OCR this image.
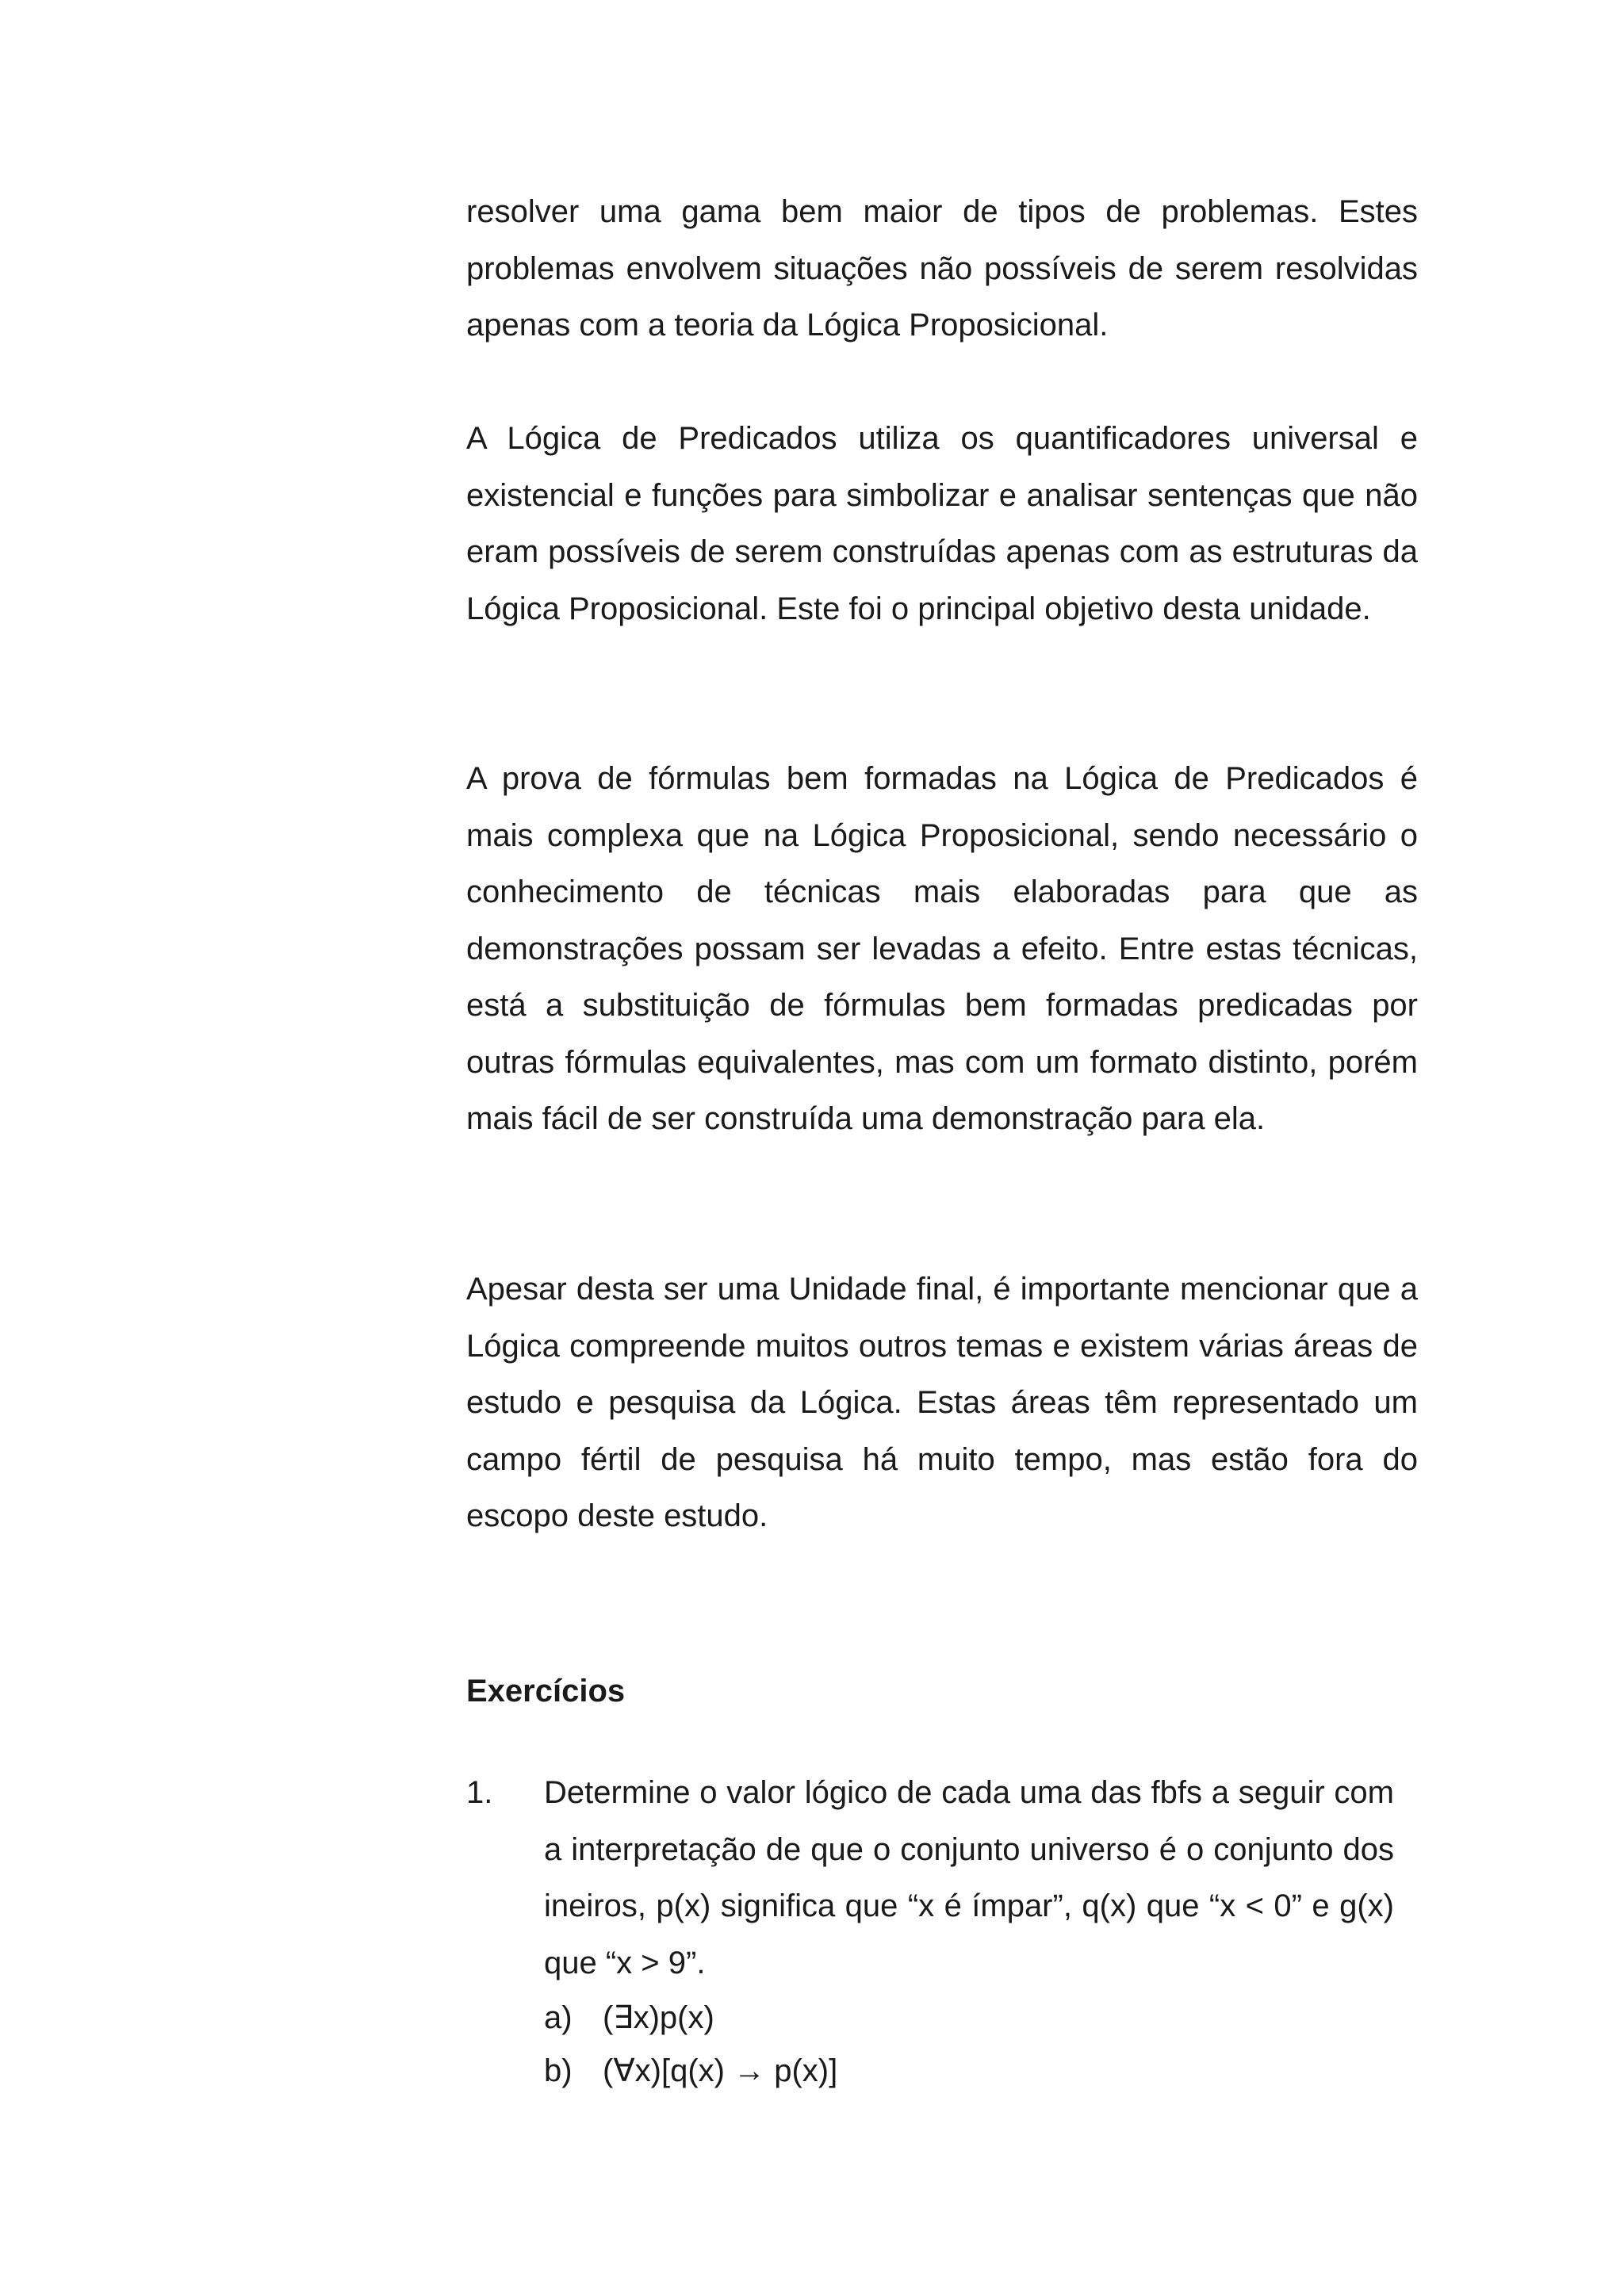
resolver uma gama bem maior de tipos de problemas. Estes problemas envolvem situações não possíveis de serem resolvidas apenas com a teoria da Lógica Proposicional.

A Lógica de Predicados utiliza os quantificadores universal e existencial e funções para simbolizar e analisar sentenças que não eram possíveis de serem construídas apenas com as estruturas da Lógica Proposicional. Este foi o principal objetivo desta unidade.

A prova de fórmulas bem formadas na Lógica de Predicados é mais complexa que na Lógica Proposicional, sendo necessário o conhecimento de técnicas mais elaboradas para que as demonstrações possam ser levadas a efeito. Entre estas técnicas, está a substituição de fórmulas bem formadas predicadas por outras fórmulas equivalentes, mas com um formato distinto, porém mais fácil de ser construída uma demonstração para ela.

Apesar desta ser uma Unidade final, é importante mencionar que a Lógica compreende muitos outros temas e existem várias áreas de estudo e pesquisa da Lógica. Estas áreas têm representado um campo fértil de pesquisa há muito tempo, mas estão fora do escopo deste estudo.

Exercícios
1. Determine o valor lógico de cada uma das fbfs a seguir com a interpretação de que o conjunto universo é o conjunto dos ineiros, p(x) significa que “x é ímpar”, q(x) que “x < 0” e g(x) que “x > 9”.

a) (∃x)p(x)
b) (∀x)[q(x) → p(x)]
